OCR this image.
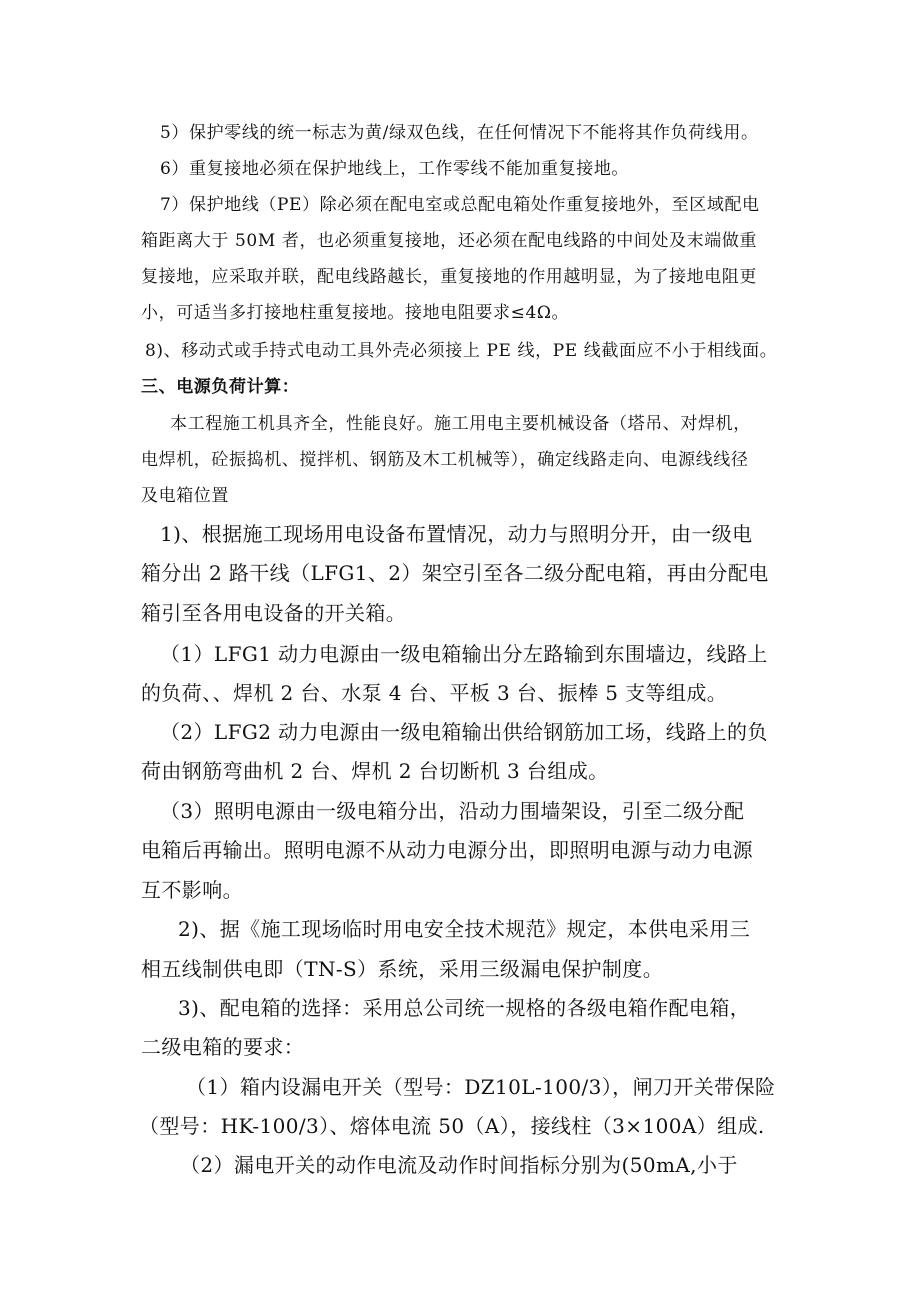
5）保护零线的统一标志为黄/绿双色线，在任何情况下不能将其作负荷线用。
6）重复接地必须在保护地线上，工作零线不能加重复接地。
7）保护地线（PE）除必须在配电室或总配电箱处作重复接地外，至区域配电
箱距离大于 50M 者，也必须重复接地，还必须在配电线路的中间处及末端做重
复接地，应采取并联，配电线路越长，重复接地的作用越明显，为了接地电阻更
小，可适当多打接地柱重复接地。接地电阻要求≤4Ω。
8)、移动式或手持式电动工具外壳必须接上 PE 线，PE 线截面应不小于相线面。
三、电源负荷计算：
本工程施工机具齐全，性能良好。施工用电主要机械设备（塔吊、对焊机，
电焊机，砼振捣机、搅拌机、钢筋及木工机械等），确定线路走向、电源线线径
及电箱位置
1)、根据施工现场用电设备布置情况，动力与照明分开，由一级电
箱分出 2 路干线（LFG1、2）架空引至各二级分配电箱，再由分配电
箱引至各用电设备的开关箱。
（1）LFG1 动力电源由一级电箱输出分左路输到东围墙边，线路上
的负荷、、焊机 2 台、水泵 4 台、平板 3 台、振棒 5 支等组成。
（2）LFG2 动力电源由一级电箱输出供给钢筋加工场，线路上的负
荷由钢筋弯曲机 2 台、焊机 2 台切断机 3 台组成。
（3）照明电源由一级电箱分出，沿动力围墙架设，引至二级分配
电箱后再输出。照明电源不从动力电源分出，即照明电源与动力电源
互不影响。
2)、据《施工现场临时用电安全技术规范》规定，本供电采用三
相五线制供电即（TN-S）系统，采用三级漏电保护制度。
3)、配电箱的选择：采用总公司统一规格的各级电箱作配电箱，
二级电箱的要求：
（1）箱内设漏电开关（型号：DZ10L-100/3），闸刀开关带保险
（型号：HK-100/3）、熔体电流 50（A），接线柱（3×100A）组成.
（2）漏电开关的动作电流及动作时间指标分别为(50mA,小于
